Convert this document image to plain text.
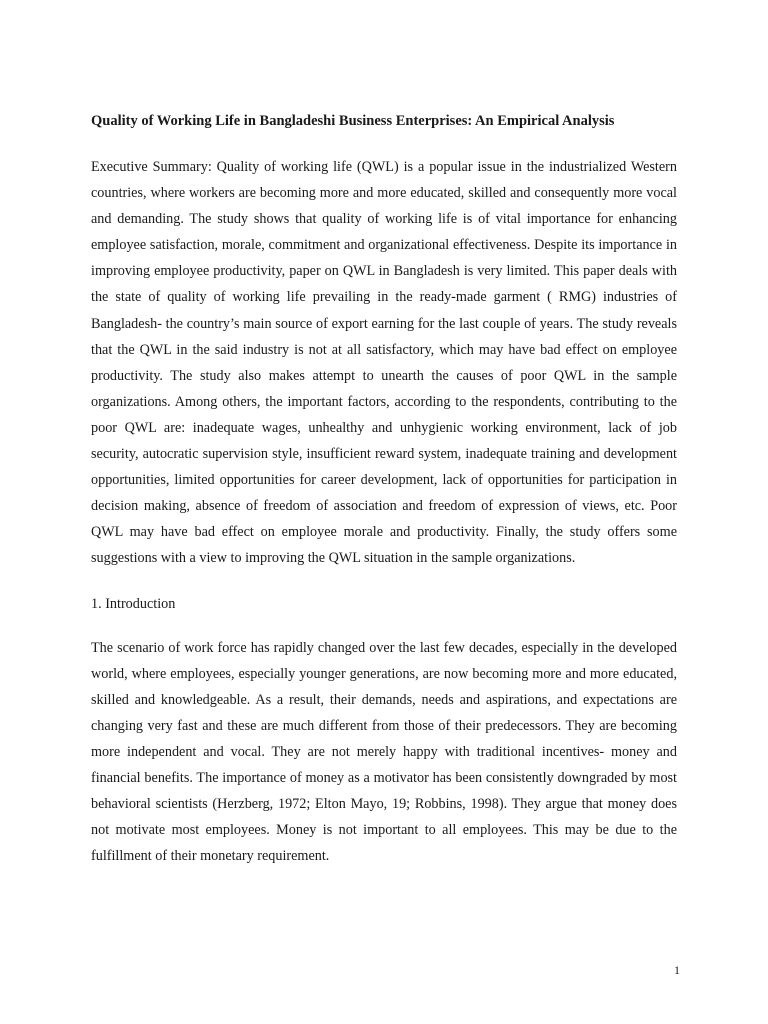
Quality of Working Life in Bangladeshi Business Enterprises: An Empirical Analysis

Executive Summary: Quality of working life (QWL) is a popular issue in the industrialized Western countries, where workers are becoming more and more educated, skilled and consequently more vocal and demanding. The study shows that quality of working life is of vital importance for enhancing employee satisfaction, morale, commitment and organizational effectiveness. Despite its importance in improving employee productivity, paper on QWL in Bangladesh is very limited. This paper deals with the state of quality of working life prevailing in the ready-made garment ( RMG) industries of Bangladesh- the country’s main source of export earning for the last couple of years. The study reveals that the QWL in the said industry is not at all satisfactory, which may have bad effect on employee productivity. The study also makes attempt to unearth the causes of poor QWL in the sample organizations. Among others, the important factors, according to the respondents, contributing to the poor QWL are: inadequate wages, unhealthy and unhygienic working environment, lack of job security, autocratic supervision style, insufficient reward system, inadequate training and development opportunities, limited opportunities for career development, lack of opportunities for participation in decision making, absence of freedom of association and freedom of expression of views, etc. Poor QWL may have bad effect on employee morale and productivity. Finally, the study offers some suggestions with a view to improving the QWL situation in the sample organizations.

1. Introduction

The scenario of work force has rapidly changed over the last few decades, especially in the developed world, where employees, especially younger generations, are now becoming more and more educated, skilled and knowledgeable. As a result, their demands, needs and aspirations, and expectations are changing very fast and these are much different from those of their predecessors. They are becoming more independent and vocal. They are not merely happy with traditional incentives- money and financial benefits. The importance of money as a motivator has been consistently downgraded by most behavioral scientists (Herzberg, 1972; Elton Mayo, 19; Robbins, 1998). They argue that money does not motivate most employees. Money is not important to all employees. This may be due to the fulfillment of their monetary requirement.

1
